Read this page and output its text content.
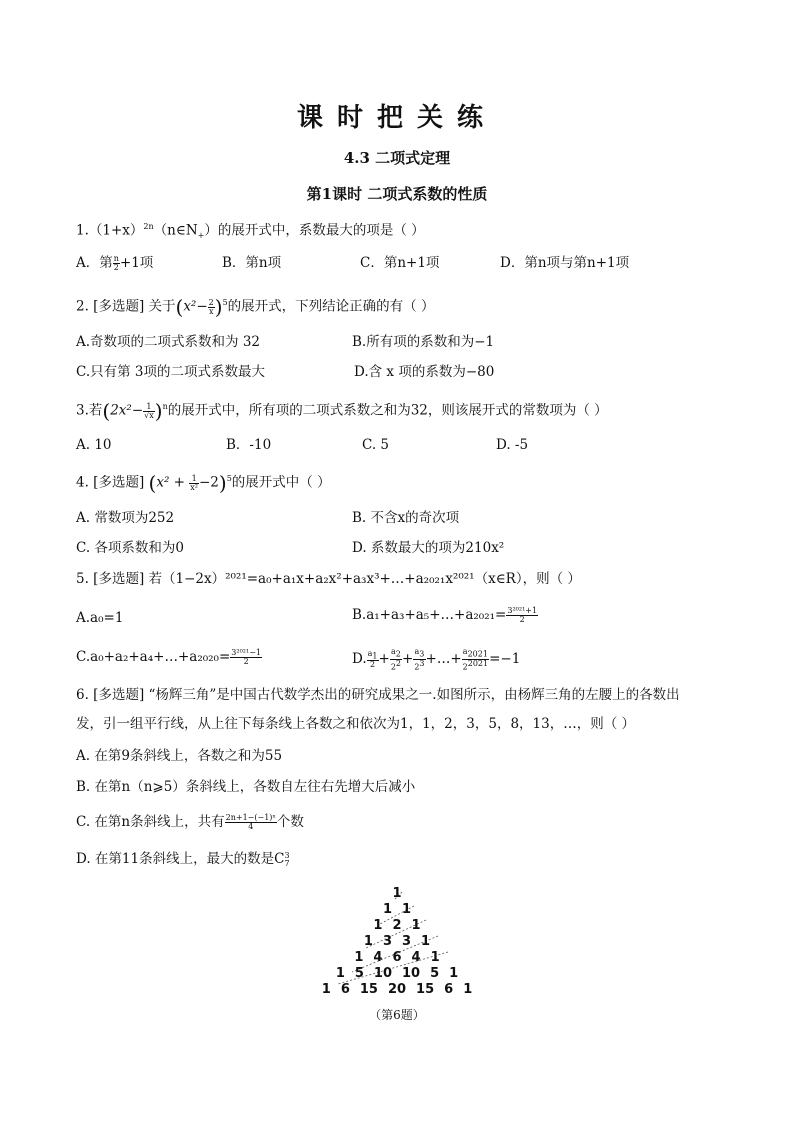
课时把关练
4.3 二项式定理
第1课时 二项式系数的性质
$1.(1+x)^{2n}(n\in N_+)$的展开式中，系数最大的项是（ ）
A．第 $\frac{n}{2} +1$项	B．第n项	C．第n+1项	D．第n项与第n+1项
2. [多选题] 关于$(x^2- \frac{2}{x} )^5$的展开式，下列结论正确的有（ ）
A.奇数项的二项式系数和为 32	B.所有项的系数和为−1
C.只有第 3项的二项式系数最大	D.含 x 项的系数为−80
3.若$(2x^2- \frac{1}{√x} )^n$的展开式中，所有项的二项式系数之和为32，则该展开式的常数项为（ ）
A. 10	B．-10	C. 5	D. -5
4. [多选题] $(x^2 + \frac{1}{\text{x²}} -2)^5$的展开式中（ ）
A. 常数项为252	B. 不含x的奇次项
C. 各项系数和为0	D. 系数最大的项为210x²
5. [多选题] 若（1−2x）²⁰²¹=a₀+a₁x+a₂x²+a₃x³+…+a₂₀₂₁x²⁰²¹（x∈R），则（ ）
A.a₀=1	B.a₁+a₃+a₅+…+a₂₀₂₁= $\frac{\text{3²⁰²¹+1}}{2}$
C.a₀+a₂+a₄+…+a₂₀₂₀= $\frac{\text{3²⁰²¹−1}}{2}$	D. $\frac{a_1}{2} + \frac{a_2}{2^2} + \frac{a_3}{2^3}$ +…+ $\frac{a_{2021}}{2^{2021}} =-1$
6. [多选题] “杨辉三角”是中国古代数学杰出的研究成果之一.如图所示，由杨辉三角的左腰上的各数出
发，引一组平行线，从上往下每条线上各数之和依次为1，1，2，3，5，8，13，…，则（ ）
A. 在第9条斜线上，各数之和为55
B. 在第n（n⩾5）条斜线上，各数自左往右先增大后减小
C. 在第n条斜线上，共有 $\frac{\text{2n+1−(−1)ⁿ}}{4}$ 个数
D. 在第11条斜线上，最大的数是C 3
7
1
1 1
1 2 1
1 3 3 1
1 4 6 4 1
1 5 10 10 5 1
1 6 15 20 15 6 1
（第6题）
